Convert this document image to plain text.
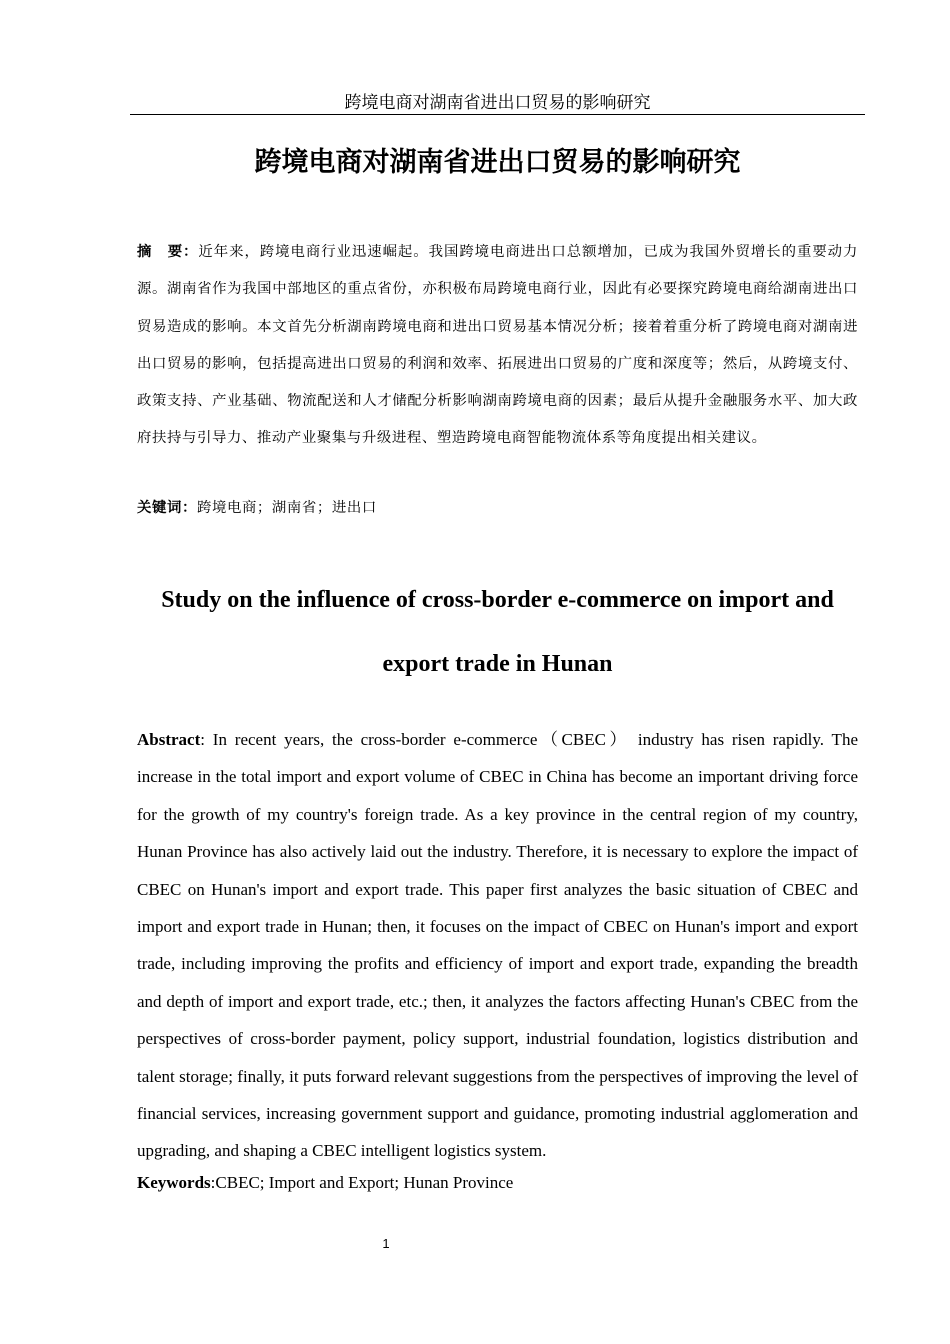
跨境电商对湖南省进出口贸易的影响研究
跨境电商对湖南省进出口贸易的影响研究
摘　要：近年来，跨境电商行业迅速崛起。我国跨境电商进出口总额增加，已成为我国外贸增长的重要动力源。湖南省作为我国中部地区的重点省份，亦积极布局跨境电商行业，因此有必要探究跨境电商给湖南进出口贸易造成的影响。本文首先分析湖南跨境电商和进出口贸易基本情况分析；接着着重分析了跨境电商对湖南进出口贸易的影响，包括提高进出口贸易的利润和效率、拓展进出口贸易的广度和深度等；然后，从跨境支付、政策支持、产业基础、物流配送和人才储配分析影响湖南跨境电商的因素；最后从提升金融服务水平、加大政府扶持与引导力、推动产业聚集与升级进程、塑造跨境电商智能物流体系等角度提出相关建议。
关键词：跨境电商；湖南省；进出口
Study on the influence of cross-border e-commerce on import and export trade in Hunan
Abstract: In recent years, the cross-border e-commerce（CBEC） industry has risen rapidly. The increase in the total import and export volume of CBEC in China has become an important driving force for the growth of my country's foreign trade. As a key province in the central region of my country, Hunan Province has also actively laid out the industry. Therefore, it is necessary to explore the impact of CBEC on Hunan's import and export trade. This paper first analyzes the basic situation of CBEC and import and export trade in Hunan; then, it focuses on the impact of CBEC on Hunan's import and export trade, including improving the profits and efficiency of import and export trade, expanding the breadth and depth of import and export trade, etc.; then, it analyzes the factors affecting Hunan's CBEC from the perspectives of cross-border payment, policy support, industrial foundation, logistics distribution and talent storage; finally, it puts forward relevant suggestions from the perspectives of improving the level of financial services, increasing government support and guidance, promoting industrial agglomeration and upgrading, and shaping a CBEC intelligent logistics system.
Keywords:CBEC; Import and Export; Hunan Province
1
